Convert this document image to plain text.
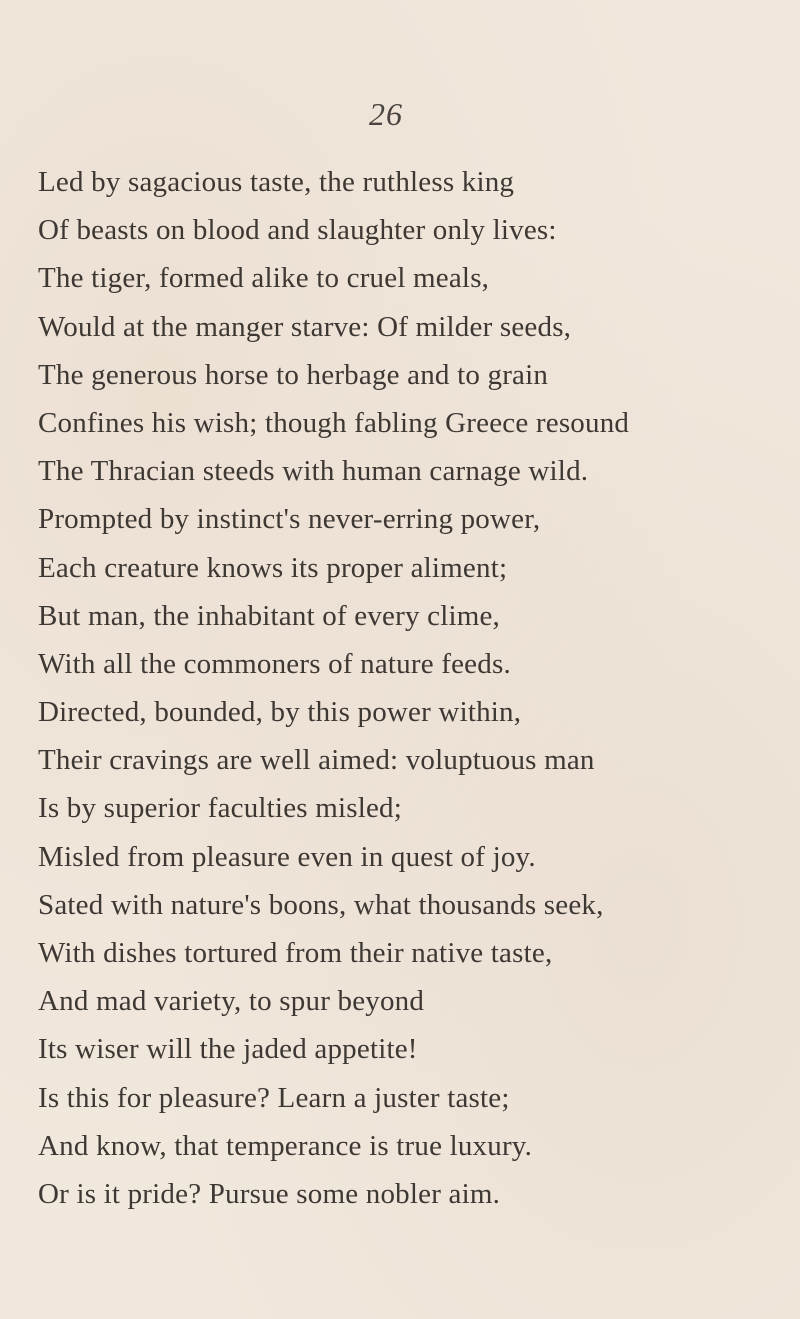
26
Led by sagacious taste, the ruthless king
Of beasts on blood and slaughter only lives:
The tiger, formed alike to cruel meals,
Would at the manger starve: Of milder seeds,
The generous horse to herbage and to grain
Confines his wish; though fabling Greece resound
The Thracian steeds with human carnage wild.
Prompted by instinct's never-erring power,
Each creature knows its proper aliment;
But man, the inhabitant of every clime,
With all the commoners of nature feeds.
Directed, bounded, by this power within,
Their cravings are well aimed: voluptuous man
Is by superior faculties misled;
Misled from pleasure even in quest of joy.
Sated with nature's boons, what thousands seek,
With dishes tortured from their native taste,
And mad variety, to spur beyond
Its wiser will the jaded appetite!
Is this for pleasure? Learn a juster taste;
And know, that temperance is true luxury.
Or is it pride? Pursue some nobler aim.
